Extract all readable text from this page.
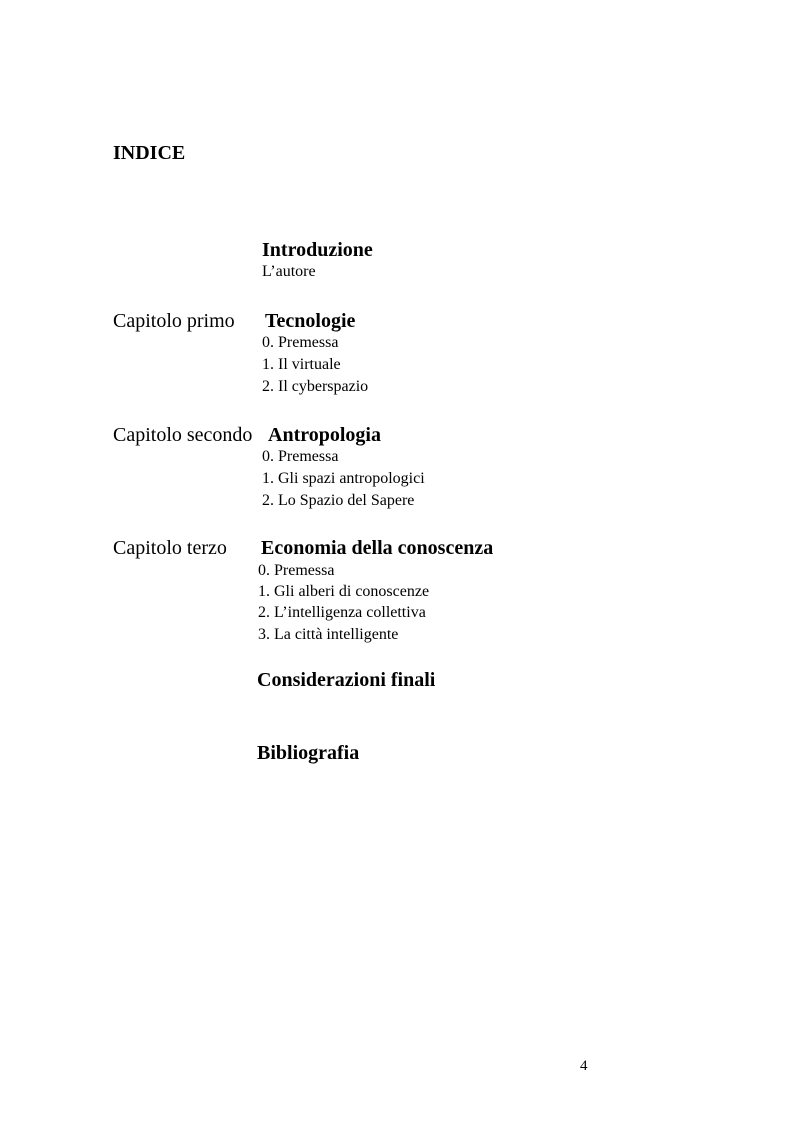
INDICE
Introduzione
L’autore
Capitolo primo Tecnologie
0. Premessa
1. Il virtuale
2. Il cyberspazio
Capitolo secondo Antropologia
0. Premessa
1. Gli spazi antropologici
2. Lo Spazio del Sapere
Capitolo terzo Economia della conoscenza
0. Premessa
1. Gli alberi di conoscenze
2. L’intelligenza collettiva
3. La città intelligente
Considerazioni finali
Bibliografia
4
